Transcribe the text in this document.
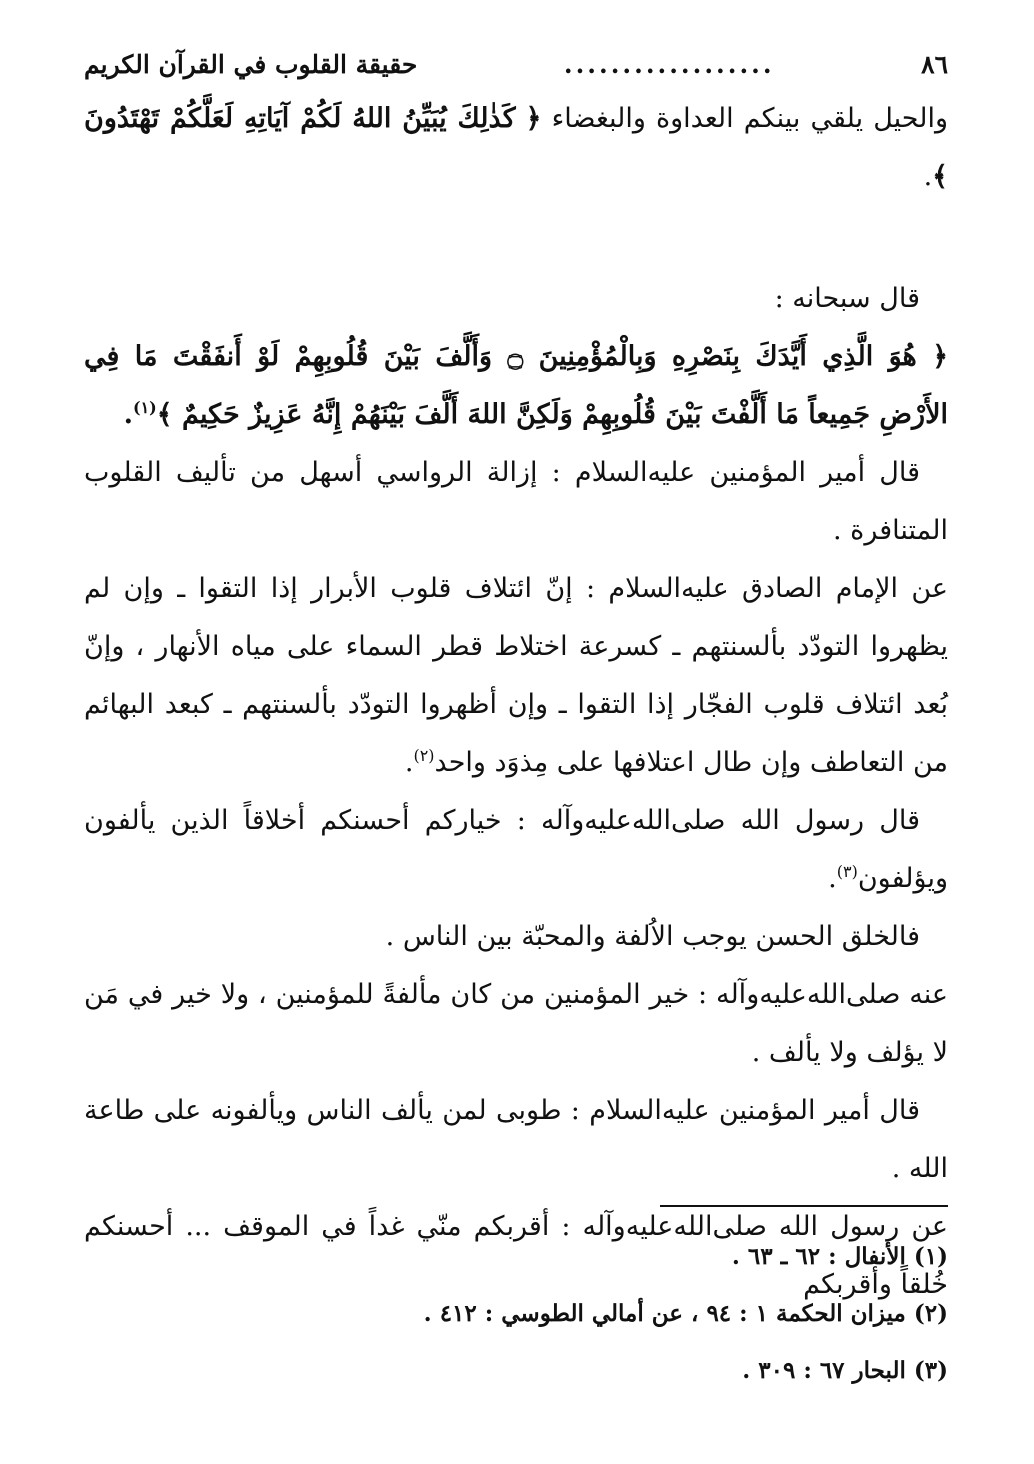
٨٦
..................
حقيقة القلوب في القرآن الكريم

والحيل يلقي بينكم العداوة والبغضاء ﴿ كَذٰلِكَ يُبَيِّنُ اللهُ لَكُمْ آيَاتِهِ لَعَلَّكُمْ تَهْتَدُونَ ﴾.

قال سبحانه :

﴿ هُوَ الَّذِي أَيَّدَكَ بِنَصْرِهِ وَبِالْمُؤْمِنِينَ ۝ وَأَلَّفَ بَيْنَ قُلُوبِهِمْ لَوْ أَنفَقْتَ مَا فِي الأَرْضِ جَمِيعاً مَا أَلَّفْتَ بَيْنَ قُلُوبِهِمْ وَلَكِنَّ اللهَ أَلَّفَ بَيْنَهُمْ إِنَّهُ عَزِيزٌ حَكِيمٌ ﴾$^{(١)}$.

قال أمير المؤمنين عليه‌السلام : إزالة الرواسي أسهل من تأليف القلوب المتنافرة .

عن الإمام الصادق عليه‌السلام : إنّ ائتلاف قلوب الأبرار إذا التقوا ـ وإن لم يظهروا التودّد بألسنتهم ـ كسرعة اختلاط قطر السماء على مياه الأنهار ، وإنّ بُعد ائتلاف قلوب الفجّار إذا التقوا ـ وإن أظهروا التودّد بألسنتهم ـ كبعد البهائم من التعاطف وإن طال اعتلافها على مِذوَد واحد$^{(٢)}$.

قال رسول الله صلى‌الله‌عليه‌وآله : خياركم أحسنكم أخلاقاً الذين يألفون ويؤلفون$^{(٣)}$.

فالخلق الحسن يوجب الاُلفة والمحبّة بين الناس .

عنه صلى‌الله‌عليه‌وآله : خير المؤمنين من كان مألفةً للمؤمنين ، ولا خير في مَن لا يؤلف ولا يألف .

قال أمير المؤمنين عليه‌السلام : طوبى لمن يألف الناس ويألفونه على طاعة الله .

عن رسول الله صلى‌الله‌عليه‌وآله : أقربكم منّي غداً في الموقف ... أحسنكم خُلقاً وأقربكم

(١) الأنفال : ٦٢ ـ ٦٣ .

(٢) ميزان الحكمة ١ : ٩٤ ، عن أمالي الطوسي : ٤١٢ .

(٣) البحار ٦٧ : ٣٠٩ .
